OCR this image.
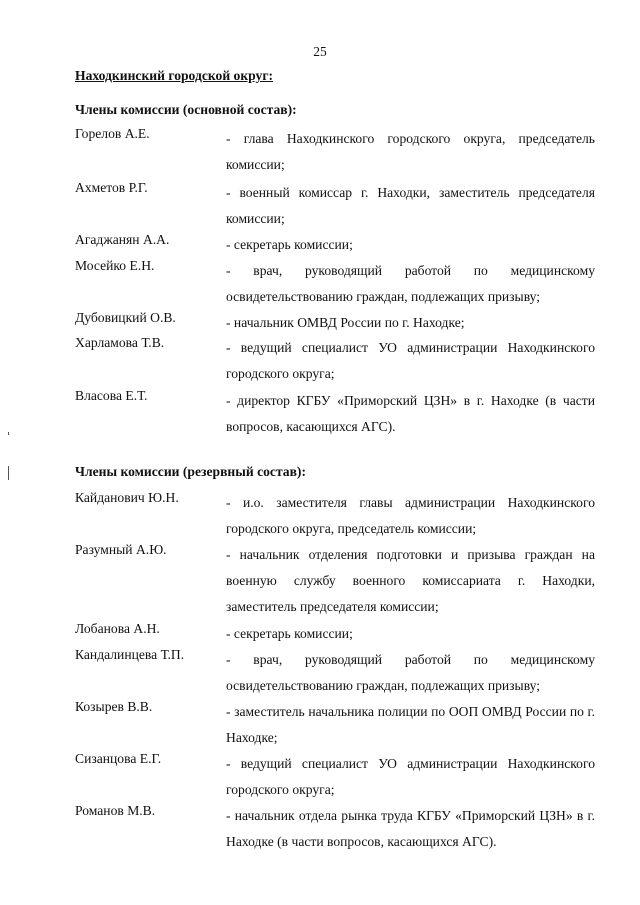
25
Находкинский городской округ:
Члены комиссии (основной состав):
Горелов А.Е.	- глава Находкинского городского округа, председатель комиссии;
Ахметов Р.Г.	- военный комиссар г. Находки, заместитель председателя комиссии;
Агаджанян А.А.	- секретарь комиссии;
Мосейко Е.Н.	- врач, руководящий работой по медицинскому освидетельствованию граждан, подлежащих призыву;
Дубовицкий О.В.	- начальник ОМВД России по г. Находке;
Харламова Т.В.	- ведущий специалист УО администрации Находкинского городского округа;
Власова Е.Т.	- директор КГБУ «Приморский ЦЗН» в г. Находке (в части вопросов, касающихся АГС).
Члены комиссии (резервный состав):
Кайданович Ю.Н.	- и.о. заместителя главы администрации Находкинского городского округа, председатель комиссии;
Разумный А.Ю.	- начальник отделения подготовки и призыва граждан на военную службу военного комиссариата г. Находки, заместитель председателя комиссии;
Лобанова А.Н.	- секретарь комиссии;
Кандалинцева Т.П.	- врач, руководящий работой по медицинскому освидетельствованию граждан, подлежащих призыву;
Козырев В.В.	- заместитель начальника полиции по ООП ОМВД России по г. Находке;
Сизанцова Е.Г.	- ведущий специалист УО администрации Находкинского городского округа;
Романов М.В.	- начальник отдела рынка труда КГБУ «Приморский ЦЗН» в г. Находке (в части вопросов, касающихся АГС).
